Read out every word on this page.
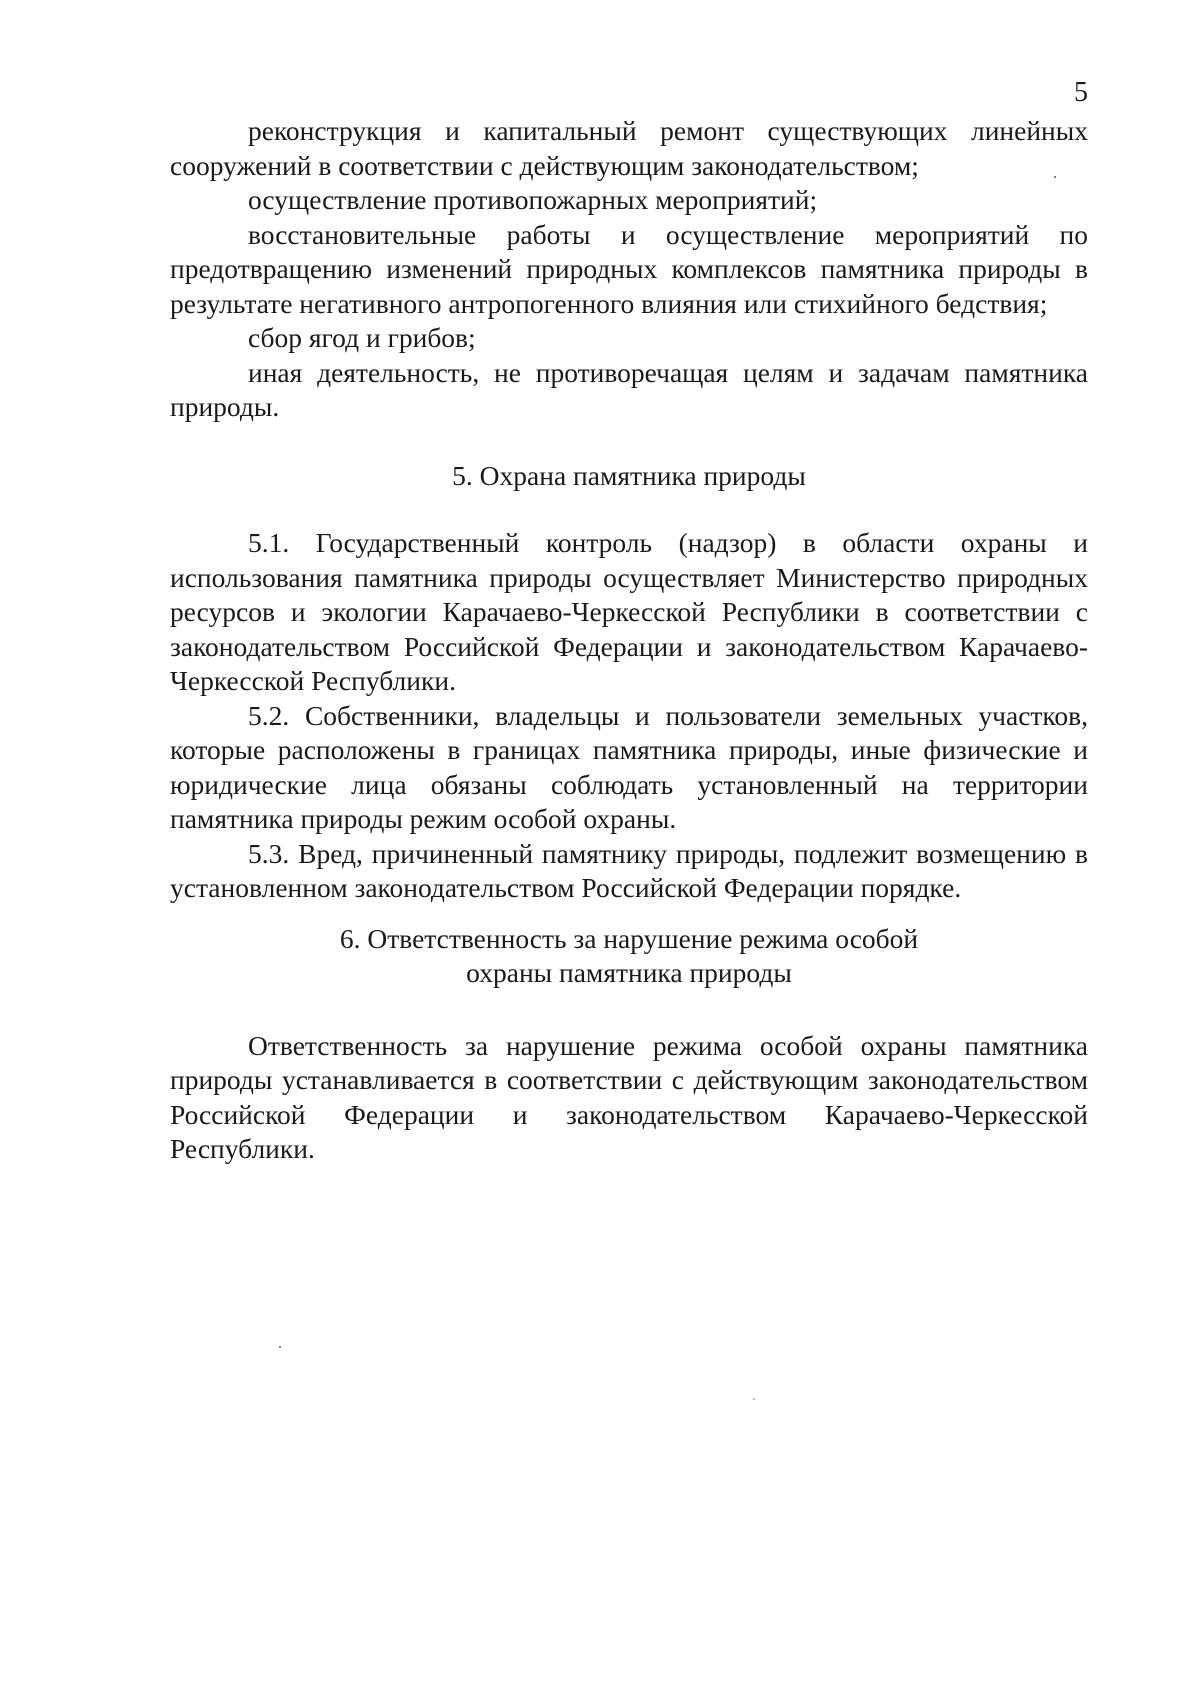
5

реконструкция и капитальный ремонт существующих линейных сооружений в соответствии с действующим законодательством;

осуществление противопожарных мероприятий;

восстановительные работы и осуществление мероприятий по предотвращению изменений природных комплексов памятника природы в результате негативного антропогенного влияния или стихийного бедствия;

сбор ягод и грибов;

иная деятельность, не противоречащая целям и задачам памятника природы.

5. Охрана памятника природы

5.1. Государственный контроль (надзор) в области охраны и использования памятника природы осуществляет Министерство природных ресурсов и экологии Карачаево-Черкесской Республики в соответствии с законодательством Российской Федерации и законодательством Карачаево-Черкесской Республики.

5.2. Собственники, владельцы и пользователи земельных участков, которые расположены в границах памятника природы, иные физические и юридические лица обязаны соблюдать установленный на территории памятника природы режим особой охраны.

5.3. Вред, причиненный памятнику природы, подлежит возмещению в установленном законодательством Российской Федерации порядке.

6. Ответственность за нарушение режима особой
охраны памятника природы

Ответственность за нарушение режима особой охраны памятника природы устанавливается в соответствии с действующим законодательством Российской Федерации и законодательством Карачаево-Черкесской Республики.
